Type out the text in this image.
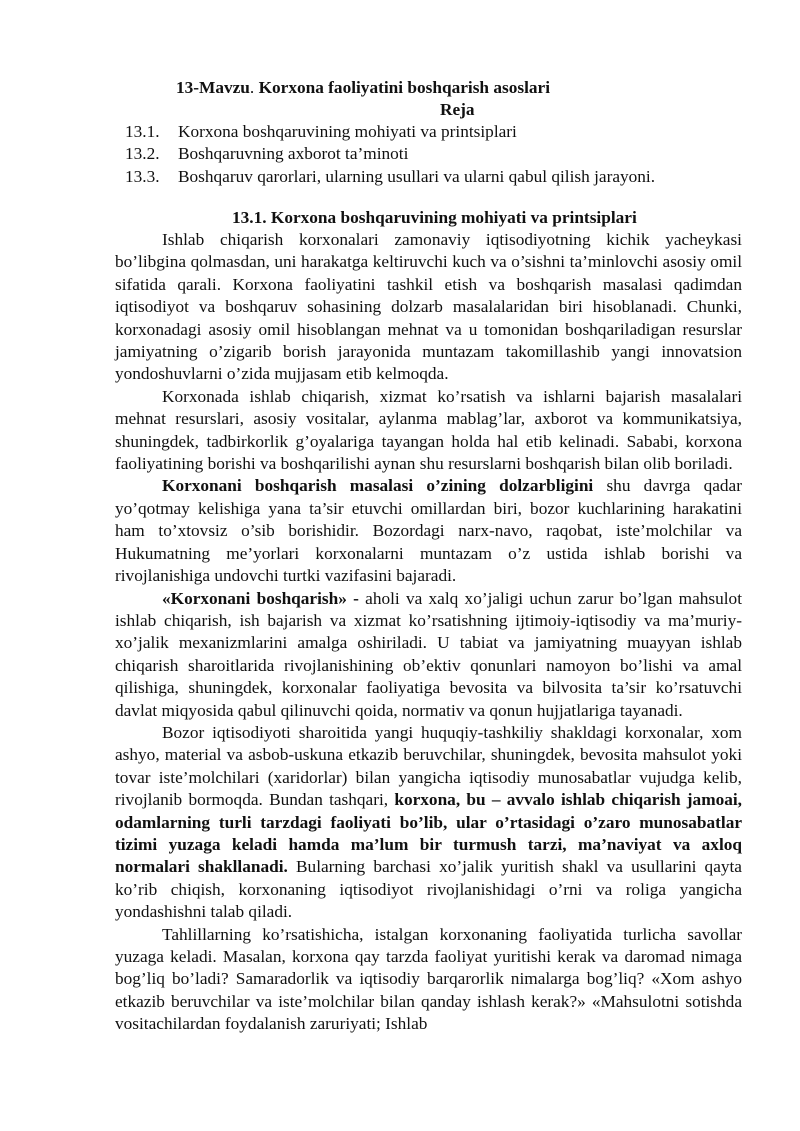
13-Mavzu. Korxona faoliyatini boshqarish asoslari
Reja
13.1.	Korxona boshqaruvining mohiyati va printsiplari
13.2.	Boshqaruvning axborot ta’minoti
13.3.	Boshqaruv qarorlari, ularning usullari va ularni qabul qilish jarayoni.
13.1. Korxona boshqaruvining mohiyati va printsiplari

Ishlab chiqarish korxonalari zamonaviy iqtisodiyotning kichik yacheykasi bo’libgina qolmasdan, uni harakatga keltiruvchi kuch va o’sishni ta’minlovchi asosiy omil sifatida qarali. Korxona faoliyatini tashkil etish va boshqarish masalasi qadimdan iqtisodiyot va boshqaruv sohasining dolzarb masalalaridan biri hisoblanadi. Chunki, korxonadagi asosiy omil hisoblangan mehnat va u tomonidan boshqariladigan resurslar jamiyatning o’zigarib borish jarayonida muntazam takomillashib yangi innovatsion yondoshuvlarni o’zida mujjasam etib kelmoqda.

Korxonada ishlab chiqarish, xizmat ko’rsatish va ishlarni bajarish masalalari mehnat resurslari, asosiy vositalar, aylanma mablag’lar, axborot va kommunikatsiya, shuningdek, tadbirkorlik g’oyalariga tayangan holda hal etib kelinadi. Sababi, korxona faoliyatining borishi va boshqarilishi aynan shu resurslarni boshqarish bilan olib boriladi.

Korxonani boshqarish masalasi o’zining dolzarbligini shu davrga qadar yo’qotmay kelishiga yana ta’sir etuvchi omillardan biri, bozor kuchlarining harakatini ham to’xtovsiz o’sib borishidir. Bozordagi narx-navo, raqobat, iste’molchilar va Hukumatning me’yorlari korxonalarni muntazam o’z ustida ishlab borishi va rivojlanishiga undovchi turtki vazifasini bajaradi.

«Korxonani boshqarish» - aholi va xalq xo’jaligi uchun zarur bo’lgan mahsulot ishlab chiqarish, ish bajarish va xizmat ko’rsatishning ijtimoiy-iqtisodiy va ma’muriy-xo’jalik mexanizmlarini amalga oshiriladi. U tabiat va jamiyatning muayyan ishlab chiqarish sharoitlarida rivojlanishining ob’ektiv qonunlari namoyon bo’lishi va amal qilishiga, shuningdek, korxonalar faoliyatiga bevosita va bilvosita ta’sir ko’rsatuvchi davlat miqyosida qabul qilinuvchi qoida, normativ va qonun hujjatlariga tayanadi.

Bozor iqtisodiyoti sharoitida yangi huquqiy-tashkiliy shakldagi korxonalar, xom ashyo, material va asbob-uskuna etkazib beruvchilar, shuningdek, bevosita mahsulot yoki tovar iste’molchilari (xaridorlar) bilan yangicha iqtisodiy munosabatlar vujudga kelib, rivojlanib bormoqda. Bundan tashqari, korxona, bu – avvalo ishlab chiqarish jamoai, odamlarning turli tarzdagi faoliyati bo’lib, ular o’rtasidagi o’zaro munosabatlar tizimi yuzaga keladi hamda ma’lum bir turmush tarzi, ma’naviyat va axloq normalari shakllanadi. Bularning barchasi xo’jalik yuritish shakl va usullarini qayta ko’rib chiqish, korxonaning iqtisodiyot rivojlanishidagi o’rni va roliga yangicha yondashishni talab qiladi.

Tahlillarning ko’rsatishicha, istalgan korxonaning faoliyatida turlicha savollar yuzaga keladi. Masalan, korxona qay tarzda faoliyat yuritishi kerak va daromad nimaga bog’liq bo’ladi? Samaradorlik va iqtisodiy barqarorlik nimalarga bog’liq? «Xom ashyo etkazib beruvchilar va iste’molchilar bilan qanday ishlash kerak?» «Mahsulotni sotishda vositachilardan foydalanish zaruriyati; Ishlab
